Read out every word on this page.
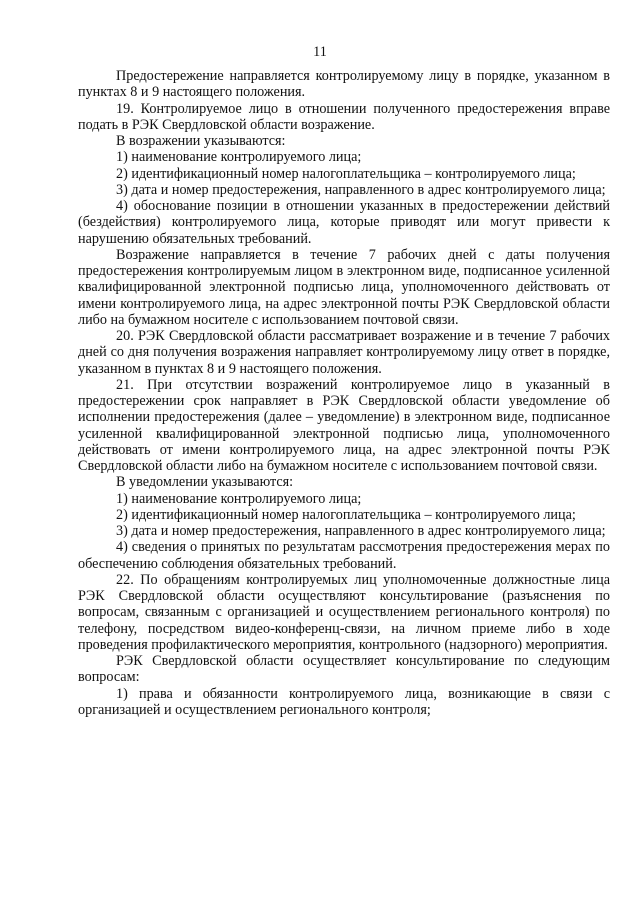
11

Предостережение направляется контролируемому лицу в порядке, указанном в пунктах 8 и 9 настоящего положения.

19. Контролируемое лицо в отношении полученного предостережения вправе подать в РЭК Свердловской области возражение.

В возражении указываются:

1) наименование контролируемого лица;

2) идентификационный номер налогоплательщика – контролируемого лица;

3) дата и номер предостережения, направленного в адрес контролируемого лица;

4) обоснование позиции в отношении указанных в предостережении действий (бездействия) контролируемого лица, которые приводят или могут привести к нарушению обязательных требований.

Возражение направляется в течение 7 рабочих дней с даты получения предостережения контролируемым лицом в электронном виде, подписанное усиленной квалифицированной электронной подписью лица, уполномоченного действовать от имени контролируемого лица, на адрес электронной почты РЭК Свердловской области либо на бумажном носителе с использованием почтовой связи.

20. РЭК Свердловской области рассматривает возражение и в течение 7 рабочих дней со дня получения возражения направляет контролируемому лицу ответ в порядке, указанном в пунктах 8 и 9 настоящего положения.

21. При отсутствии возражений контролируемое лицо в указанный в предостережении срок направляет в РЭК Свердловской области уведомление об исполнении предостережения (далее – уведомление) в электронном виде, подписанное усиленной квалифицированной электронной подписью лица, уполномоченного действовать от имени контролируемого лица, на адрес электронной почты РЭК Свердловской области либо на бумажном носителе с использованием почтовой связи.

В уведомлении указываются:

1) наименование контролируемого лица;

2) идентификационный номер налогоплательщика – контролируемого лица;

3) дата и номер предостережения, направленного в адрес контролируемого лица;

4) сведения о принятых по результатам рассмотрения предостережения мерах по обеспечению соблюдения обязательных требований.

22. По обращениям контролируемых лиц уполномоченные должностные лица РЭК Свердловской области осуществляют консультирование (разъяснения по вопросам, связанным с организацией и осуществлением регионального контроля) по телефону, посредством видео-конференц-связи, на личном приеме либо в ходе проведения профилактического мероприятия, контрольного (надзорного) мероприятия.

РЭК Свердловской области осуществляет консультирование по следующим вопросам:

1) права и обязанности контролируемого лица, возникающие в связи с организацией и осуществлением регионального контроля;
